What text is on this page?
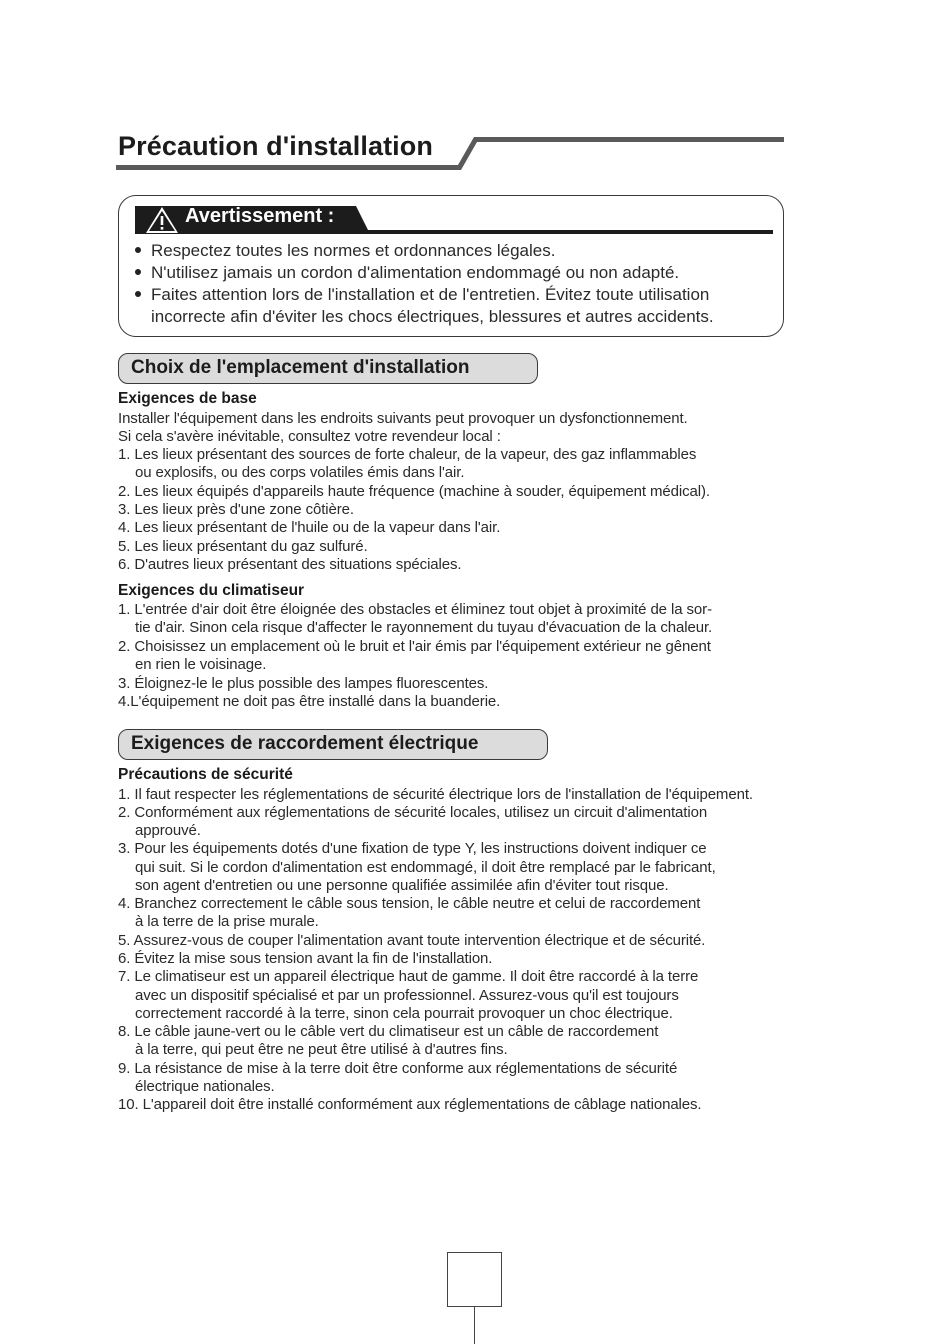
Précaution d'installation
Avertissement :
Respectez toutes les normes et ordonnances légales.
N'utilisez jamais un cordon d'alimentation endommagé ou non adapté.
Faites attention lors de l'installation et de l'entretien. Évitez toute utilisation
incorrecte afin d'éviter les chocs électriques, blessures et autres accidents.
Choix de l'emplacement d'installation
Exigences de base
Installer l'équipement dans les endroits suivants peut provoquer un dysfonctionnement.
Si cela s'avère inévitable, consultez votre revendeur local :
1. Les lieux présentant des sources de forte chaleur, de la vapeur, des gaz inflammables
ou explosifs, ou des corps volatiles émis dans l'air.
2. Les lieux équipés d'appareils haute fréquence (machine à souder, équipement médical).
3. Les lieux près d'une zone côtière.
4. Les lieux présentant de l'huile ou de la vapeur dans l'air.
5. Les lieux présentant du gaz sulfuré.
6. D'autres lieux présentant des situations spéciales.
Exigences du climatiseur
1. L'entrée d'air doit être éloignée des obstacles et éliminez tout objet à proximité de la sor-
tie d'air. Sinon cela risque d'affecter le rayonnement du tuyau d'évacuation de la chaleur.
2. Choisissez un emplacement où le bruit et l'air émis par l'équipement extérieur ne gênent
en rien le voisinage.
3. Éloignez-le le plus possible des lampes fluorescentes.
4.L'équipement ne doit pas être installé dans la buanderie.
Exigences de raccordement électrique
Précautions de sécurité
1. Il faut respecter les réglementations de sécurité électrique lors de l'installation de l'équipement.
2. Conformément aux réglementations de sécurité locales, utilisez un circuit d'alimentation
approuvé.
3. Pour les équipements dotés d'une fixation de type Y, les instructions doivent indiquer ce
qui suit. Si le cordon d'alimentation est endommagé, il doit être remplacé par le fabricant,
son agent d'entretien ou une personne qualifiée assimilée afin d'éviter tout risque.
4. Branchez correctement le câble sous tension, le câble neutre et celui de raccordement
à la terre de la prise murale.
5. Assurez-vous de couper l'alimentation avant toute intervention électrique et de sécurité.
6. Évitez la mise sous tension avant la fin de l'installation.
7. Le climatiseur est un appareil électrique haut de gamme. Il doit être raccordé à la terre
avec un dispositif spécialisé et par un professionnel. Assurez-vous qu'il est toujours
correctement raccordé à la terre, sinon cela pourrait provoquer un choc électrique.
8. Le câble jaune-vert ou le câble vert du climatiseur est un câble de raccordement
à la terre, qui peut être ne peut être utilisé à d'autres fins.
9. La résistance de mise à la terre doit être conforme aux réglementations de sécurité
électrique nationales.
10. L'appareil doit être installé conformément aux réglementations de câblage nationales.
